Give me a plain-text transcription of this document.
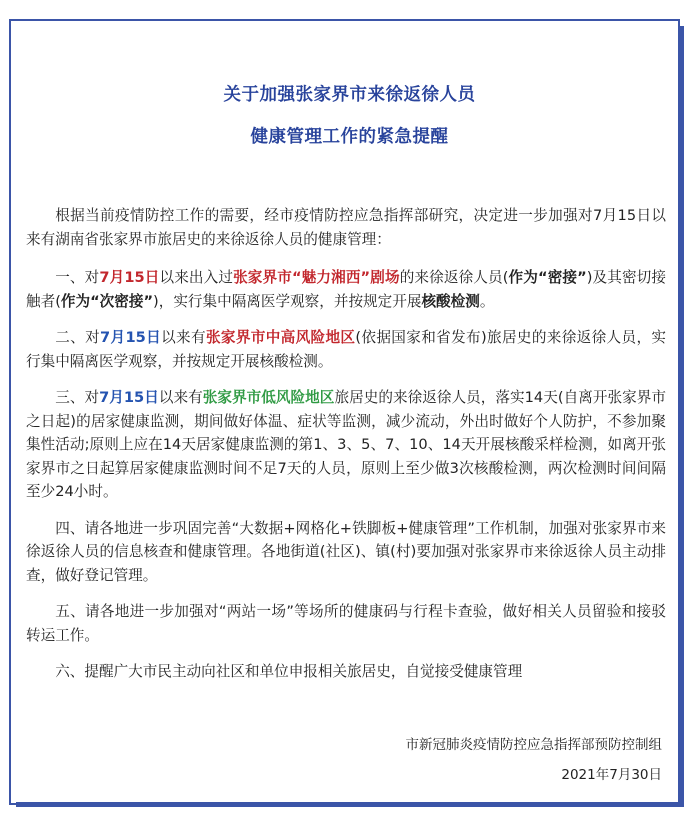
关于加强张家界市来徐返徐人员
健康管理工作的紧急提醒

根据当前疫情防控工作的需要，经市疫情防控应急指挥部研究，决定进一步加强对7月15日以来有湖南省张家界市旅居史的来徐返徐人员的健康管理：

一、对7月15日以来出入过张家界市“魅力湘西”剧场的来徐返徐人员(作为“密接”)及其密切接触者(作为“次密接”)，实行集中隔离医学观察，并按规定开展核酸检测。

二、对7月15日以来有张家界市中高风险地区(依据国家和省发布)旅居史的来徐返徐人员，实行集中隔离医学观察，并按规定开展核酸检测。

三、对7月15日以来有张家界市低风险地区旅居史的来徐返徐人员，落实14天(自离开张家界市之日起)的居家健康监测，期间做好体温、症状等监测，减少流动，外出时做好个人防护，不参加聚集性活动;原则上应在14天居家健康监测的第1、3、5、7、10、14天开展核酸采样检测，如离开张家界市之日起算居家健康监测时间不足7天的人员，原则上至少做3次核酸检测，两次检测时间间隔至少24小时。

四、请各地进一步巩固完善“大数据+网格化+铁脚板+健康管理”工作机制，加强对张家界市来徐返徐人员的信息核查和健康管理。各地街道(社区)、镇(村)要加强对张家界市来徐返徐人员主动排查，做好登记管理。

五、请各地进一步加强对“两站一场”等场所的健康码与行程卡查验，做好相关人员留验和接驳转运工作。

六、提醒广大市民主动向社区和单位申报相关旅居史，自觉接受健康管理

市新冠肺炎疫情防控应急指挥部预防控制组
2021年7月30日
